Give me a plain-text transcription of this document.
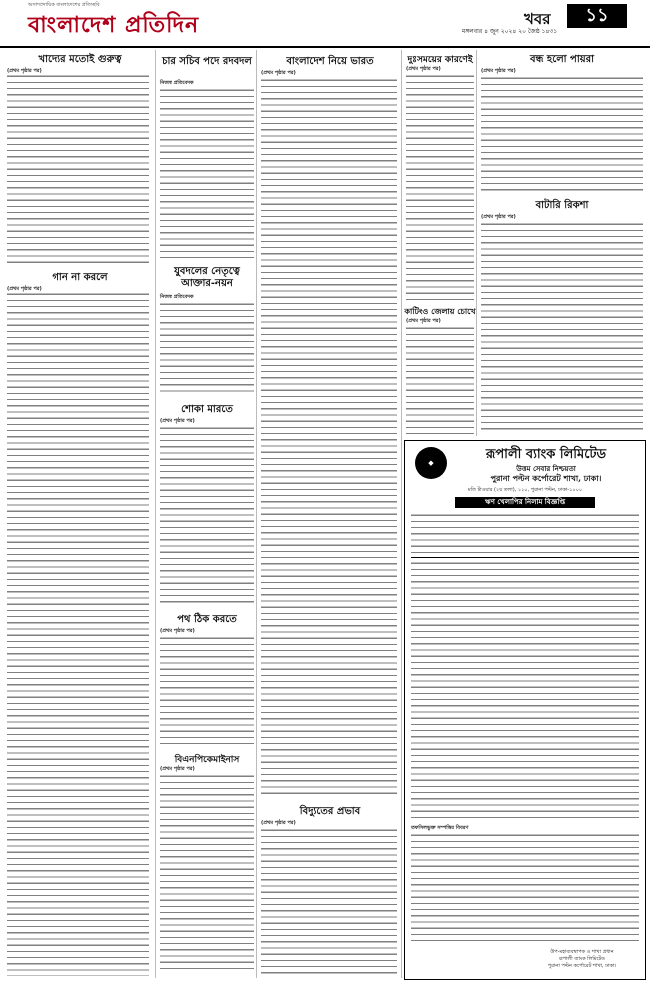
অসাম্প্রদায়িক বাংলাদেশের প্রতিচ্ছবি
বাংলাদেশ প্রতিদিন	মঙ্গলবার ৪ জুন ২০২৪ ২০ জৈষ্ঠ ১৪৩১
খবর	১১
খাদ্যের মতোই গুরুত্ব
(প্রথম পৃষ্ঠার পর)
গান না করলে
(প্রথম পৃষ্ঠার পর)
চার সচিব পদে রদবদল
নিজস্ব প্রতিবেদক
যুবদলের নেতৃত্বে আক্তার-নয়ন
নিজস্ব প্রতিবেদক
শোকা মারতে
(প্রথম পৃষ্ঠার পর)
পথ ঠিক করতে
(প্রথম পৃষ্ঠার পর)
বিএনপিকেমাইনাস
(প্রথম পৃষ্ঠার পর)
বাংলাদেশ নিয়ে ভারত
(প্রথম পৃষ্ঠার পর)
বিদ্যুতের প্রভাব
(প্রথম পৃষ্ঠার পর)
দুঃসময়ের কারণেই
(প্রথম পৃষ্ঠার পর)
কাটিংও জেলায় চোখে
(প্রথম পৃষ্ঠার পর)
বন্ধ হলো পায়রা
(প্রথম পৃষ্ঠার পর)
বাটারি রিকশা
(প্রথম পৃষ্ঠার পর)
◆
রূপালী ব্যাংক লিমিটেড
উত্তম সেবার নিশ্চয়তা
পুরানা পল্টন কর্পোরেট শাখা, ঢাকা।
মতি টাওয়ার (২য় তলা), ১১০, পুরানা পল্টন, ঢাকা-১০০০
ঋণ খেলাপির নিলাম বিজ্ঞপ্তি
তফসিলভুক্ত সম্পত্তির বিবরণ
উপ-মহাব্যবস্থাপক ও শাখা প্রধান
রূপালী ব্যাংক লিমিটেড
পুরানা পল্টন কর্পোরেট শাখা, ঢাকা।
